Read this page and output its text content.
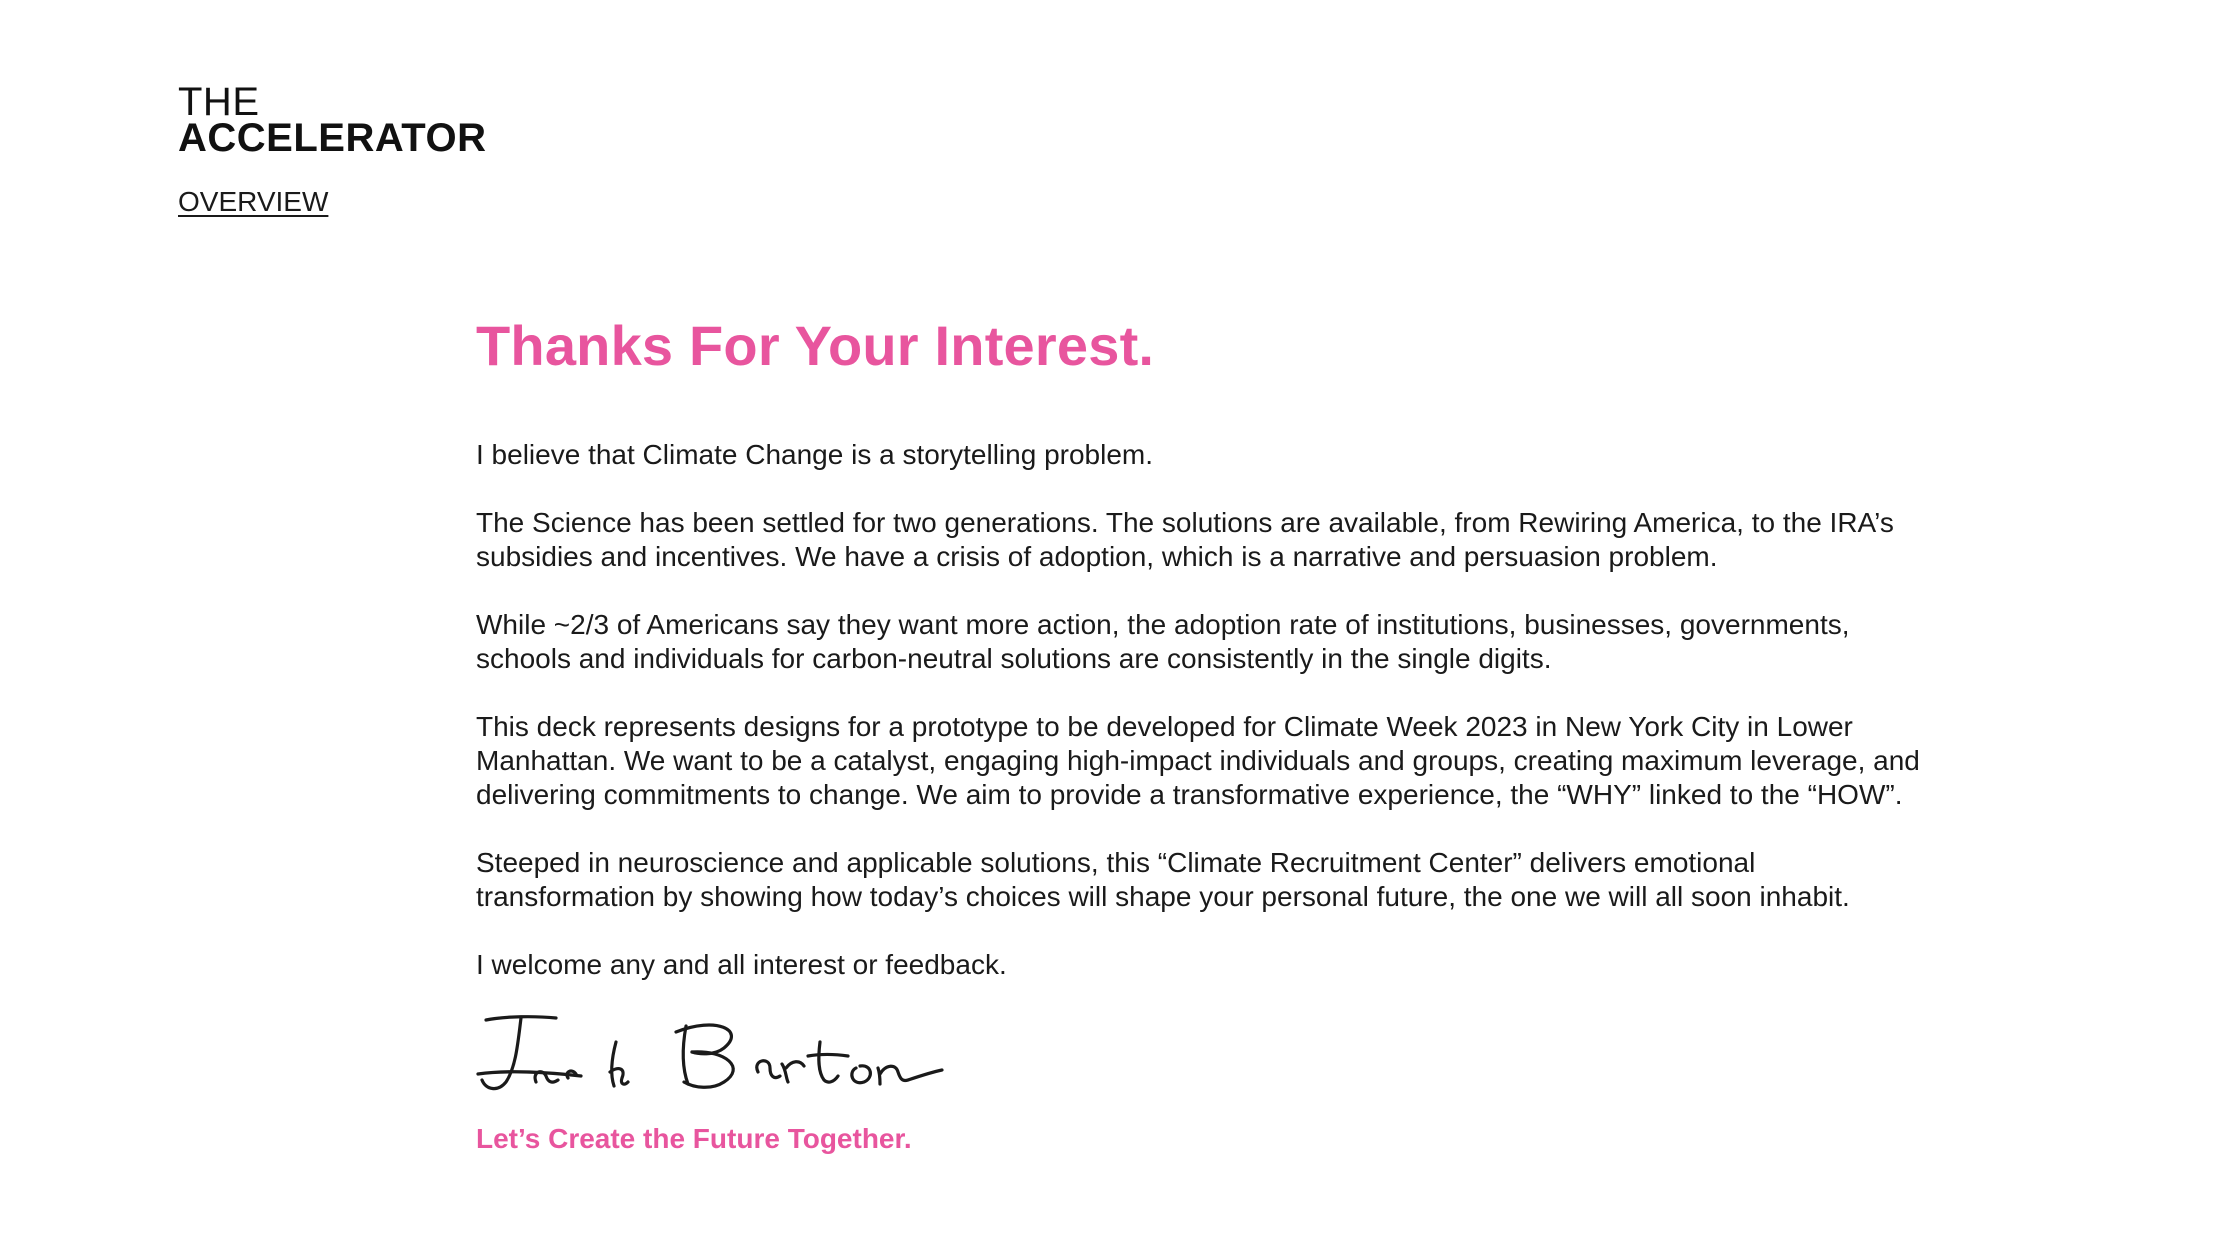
THE
ACCELERATOR
OVERVIEW
Thanks For Your Interest.

I believe that Climate Change is a storytelling problem.

The Science has been settled for two generations. The solutions are available, from Rewiring America, to the IRA’s subsidies and incentives. We have a crisis of adoption, which is a narrative and persuasion problem.

While ~2/3 of Americans say they want more action, the adoption rate of institutions, businesses, governments, schools and individuals for carbon-neutral solutions are consistently in the single digits.

This deck represents designs for a prototype to be developed for Climate Week 2023 in New York City in Lower Manhattan. We want to be a catalyst, engaging high-impact individuals and groups, creating maximum leverage, and delivering commitments to change. We aim to provide a transformative experience, the “WHY” linked to the “HOW”.

Steeped in neuroscience and applicable solutions, this “Climate Recruitment Center” delivers emotional transformation by showing how today’s choices will shape your personal future, the one we will all soon inhabit.

I welcome any and all interest or feedback.

Let’s Create the Future Together.
